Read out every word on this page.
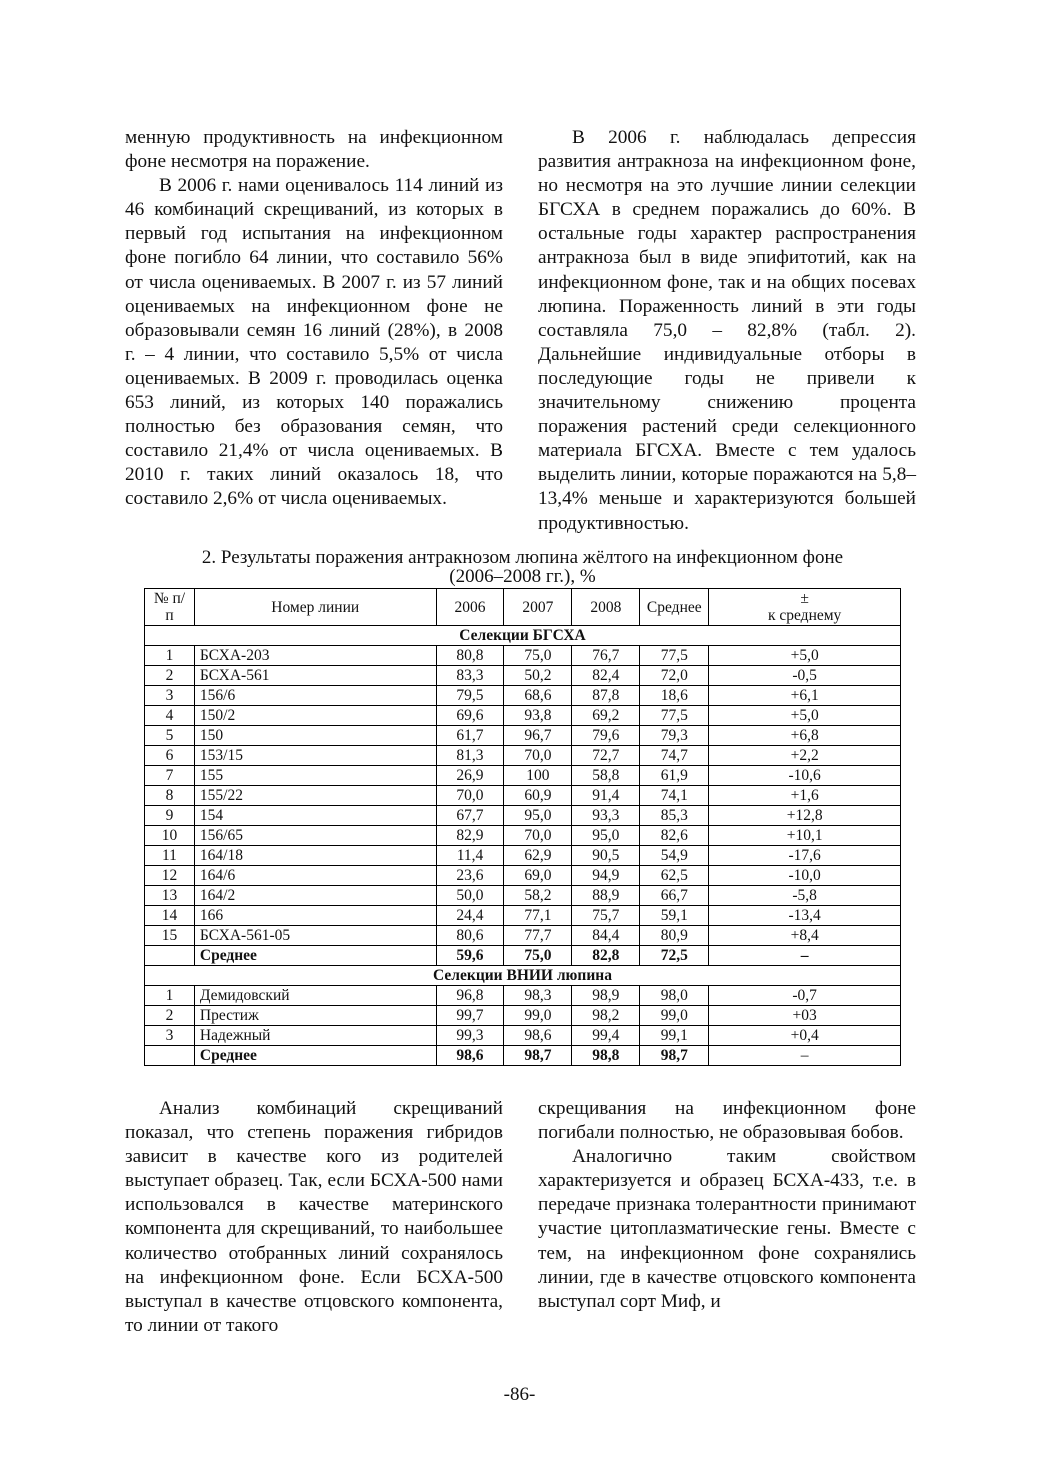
менную продуктивность на инфекционном фоне несмотря на поражение.

В 2006 г. нами оценивалось 114 линий из 46 комбинаций скрещиваний, из которых в первый год испытания на инфекционном фоне погибло 64 линии, что составило 56% от числа оцениваемых. В 2007 г. из 57 линий оцениваемых на инфекционном фоне не образовывали семян 16 линий (28%), в 2008 г. – 4 линии, что составило 5,5% от числа оцениваемых. В 2009 г. проводилась оценка 653 линий, из которых 140 поражались полностью без образования семян, что составило 21,4% от числа оцениваемых. В 2010 г. таких линий оказалось 18, что составило 2,6% от числа оцениваемых.

В 2006 г. наблюдалась депрессия развития антракноза на инфекционном фоне, но несмотря на это лучшие линии селекции БГСХА в среднем поражались до 60%. В остальные годы характер распространения антракноза был в виде эпифитотий, как на инфекционном фоне, так и на общих посевах люпина. Пораженность линий в эти годы составляла 75,0 – 82,8% (табл. 2). Дальнейшие индивидуальные отборы в последующие годы не привели к значительному снижению процента поражения растений среди селекционного материала БГСХА. Вместе с тем удалось выделить линии, которые поражаются на 5,8–13,4% меньше и характеризуются большей продуктивностью.

2. Результаты поражения антракнозом люпина жёлтого на инфекционном фоне
(2006–2008 гг.), %
№ п/п	Номер линии	2006	2007	2008	Среднее	±
к среднему

Селекции БГСХА						
1	БСХА-203	80,8	75,0	76,7	77,5	+5,0
2	БСХА-561	83,3	50,2	82,4	72,0	-0,5
3	156/6	79,5	68,6	87,8	18,6	+6,1
4	150/2	69,6	93,8	69,2	77,5	+5,0
5	150	61,7	96,7	79,6	79,3	+6,8
6	153/15	81,3	70,0	72,7	74,7	+2,2
7	155	26,9	100	58,8	61,9	-10,6
8	155/22	70,0	60,9	91,4	74,1	+1,6
9	154	67,7	95,0	93,3	85,3	+12,8
10	156/65	82,9	70,0	95,0	82,6	+10,1
11	164/18	11,4	62,9	90,5	54,9	-17,6
12	164/6	23,6	69,0	94,9	62,5	-10,0
13	164/2	50,0	58,2	88,9	66,7	-5,8
14	166	24,4	77,1	75,7	59,1	-13,4
15	БСХА-561-05	80,6	77,7	84,4	80,9	+8,4
	Среднее	59,6	75,0	82,8	72,5	–
Селекции ВНИИ люпина						
1	Демидовский	96,8	98,3	98,9	98,0	-0,7
2	Престиж	99,7	99,0	98,2	99,0	+03
3	Надежный	99,3	98,6	99,4	99,1	+0,4
	Среднее	98,6	98,7	98,8	98,7	–

Анализ комбинаций скрещиваний показал, что степень поражения гибридов зависит в качестве кого из родителей выступает образец. Так, если БСХА-500 нами использовался в качестве материнского компонента для скрещиваний, то наибольшее количество отобранных линий сохранялось на инфекционном фоне. Если БСХА-500 выступал в качестве отцовского компонента, то линии от такого

скрещивания на инфекционном фоне погибали полностью, не образовывая бобов.

Аналогично таким свойством характеризуется и образец БСХА-433, т.е. в передаче признака толерантности принимают участие цитоплазматические гены. Вместе с тем, на инфекционном фоне сохранялись линии, где в качестве отцовского компонента выступал сорт Миф, и

-86-
